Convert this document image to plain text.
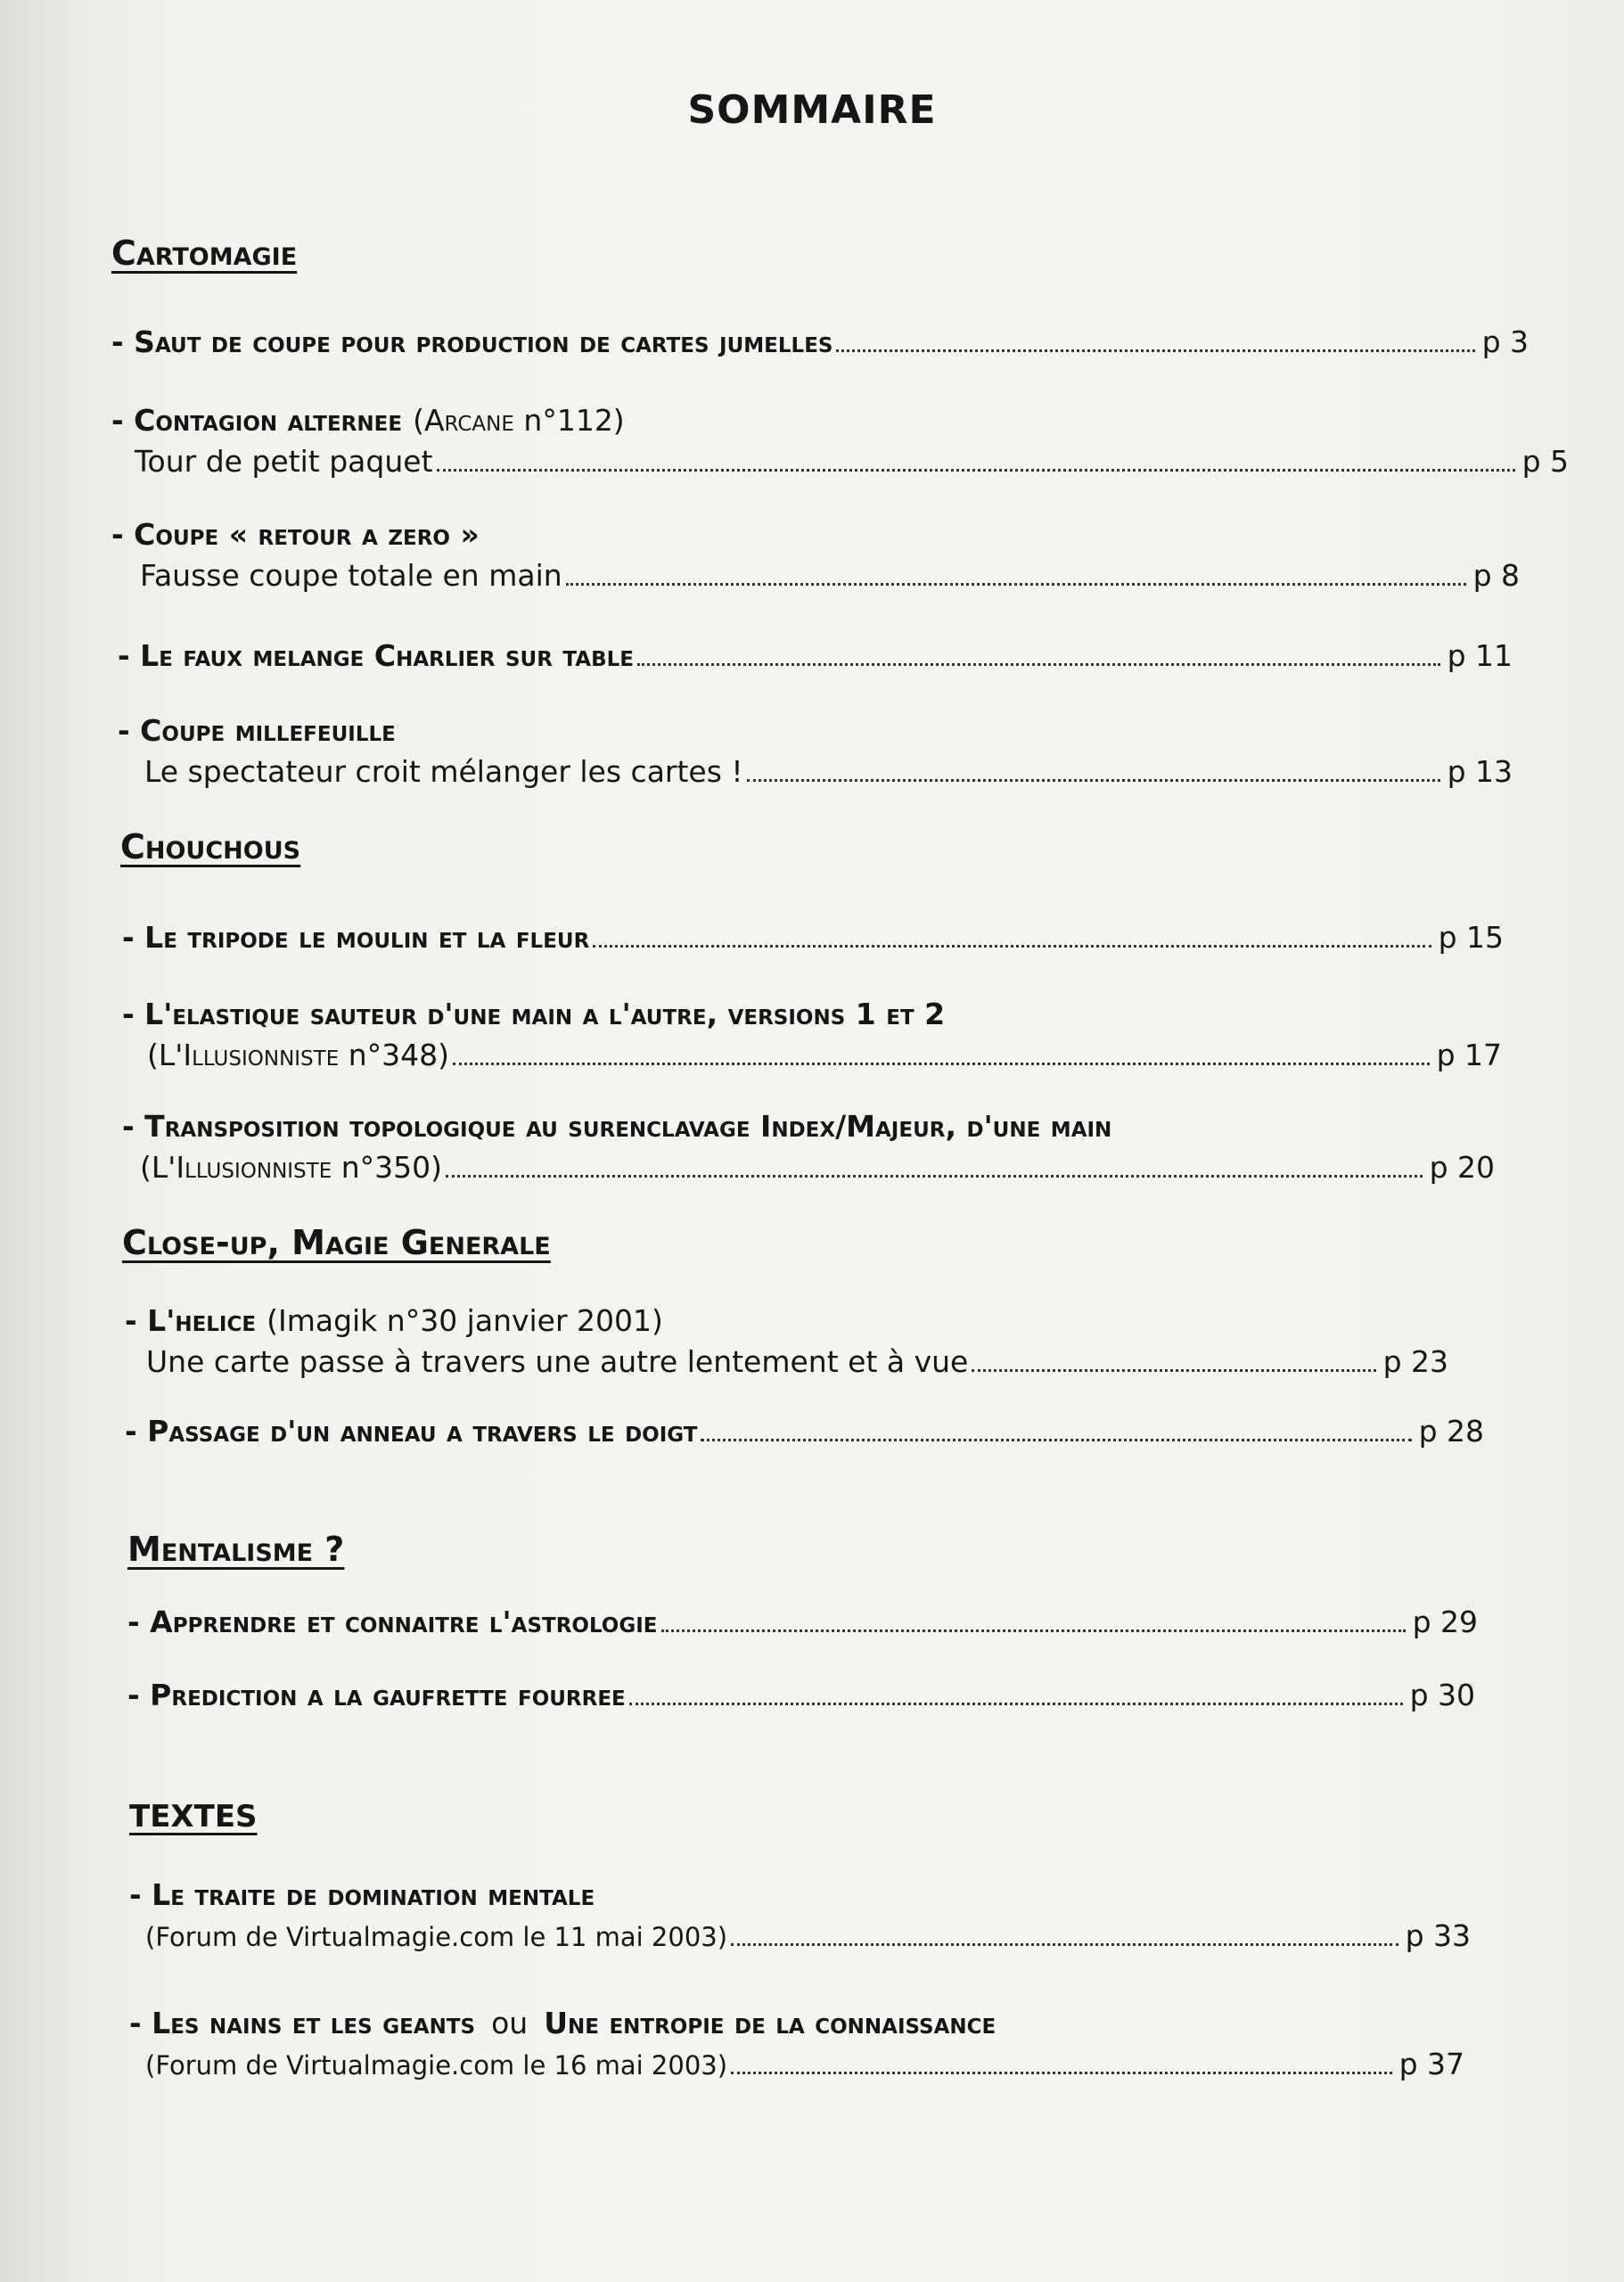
SOMMAIRE
Cartomagie
- Saut de coupe pour production de cartes jumelles	p 3
- Contagion alternee (Arcane n°112)
Tour de petit paquet	p 5
- Coupe « retour a zero »
Fausse coupe totale en main	p 8
- Le faux melange Charlier sur table	p 11
- Coupe millefeuille
Le spectateur croit mélanger les cartes !	p 13
Chouchous
- Le tripode le moulin et la fleur	p 15
- L'elastique sauteur d'une main a l'autre, versions 1 et 2
(L'Illusionniste n°348)	p 17
- Transposition topologique au surenclavage Index/Majeur, d'une main
(L'Illusionniste n°350)	p 20
Close-up, Magie Generale
- L'helice (Imagik n°30 janvier 2001)
Une carte passe à travers une autre lentement et à vue	p 23
- Passage d'un anneau a travers le doigt	p 28
Mentalisme ?
- Apprendre et connaitre l'astrologie	p 29
- Prediction a la gaufrette fourree	p 30
TEXTES
- Le traite de domination mentale
(Forum de Virtualmagie.com le 11 mai 2003)	p 33
- Les nains et les geants ou Une entropie de la connaissance
(Forum de Virtualmagie.com le 16 mai 2003)	p 37
